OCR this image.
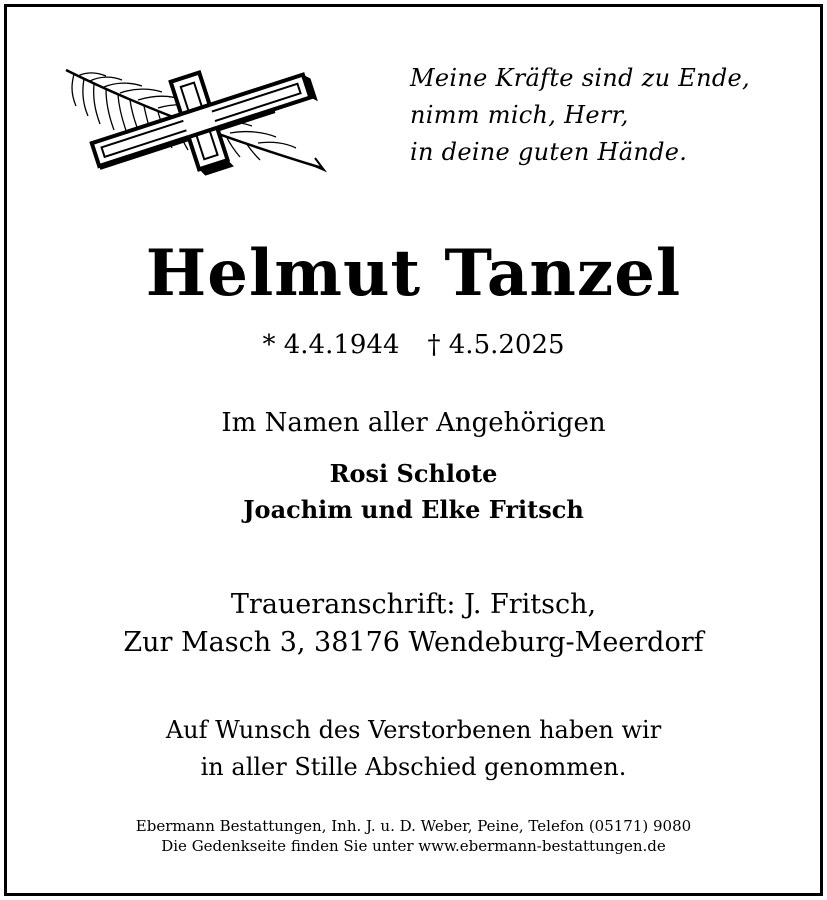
Meine Kräfte sind zu Ende,
nimm mich, Herr,
in deine guten Hände.
Helmut Tanzel
* 4.4.1944 † 4.5.2025
Im Namen aller Angehörigen
Rosi Schlote
Joachim und Elke Fritsch
Traueranschrift: J. Fritsch,
Zur Masch 3, 38176 Wendeburg-Meerdorf
Auf Wunsch des Verstorbenen haben wir
in aller Stille Abschied genommen.
Ebermann Bestattungen, Inh. J. u. D. Weber, Peine, Telefon (05171) 9080
Die Gedenkseite finden Sie unter www.ebermann-bestattungen.de
